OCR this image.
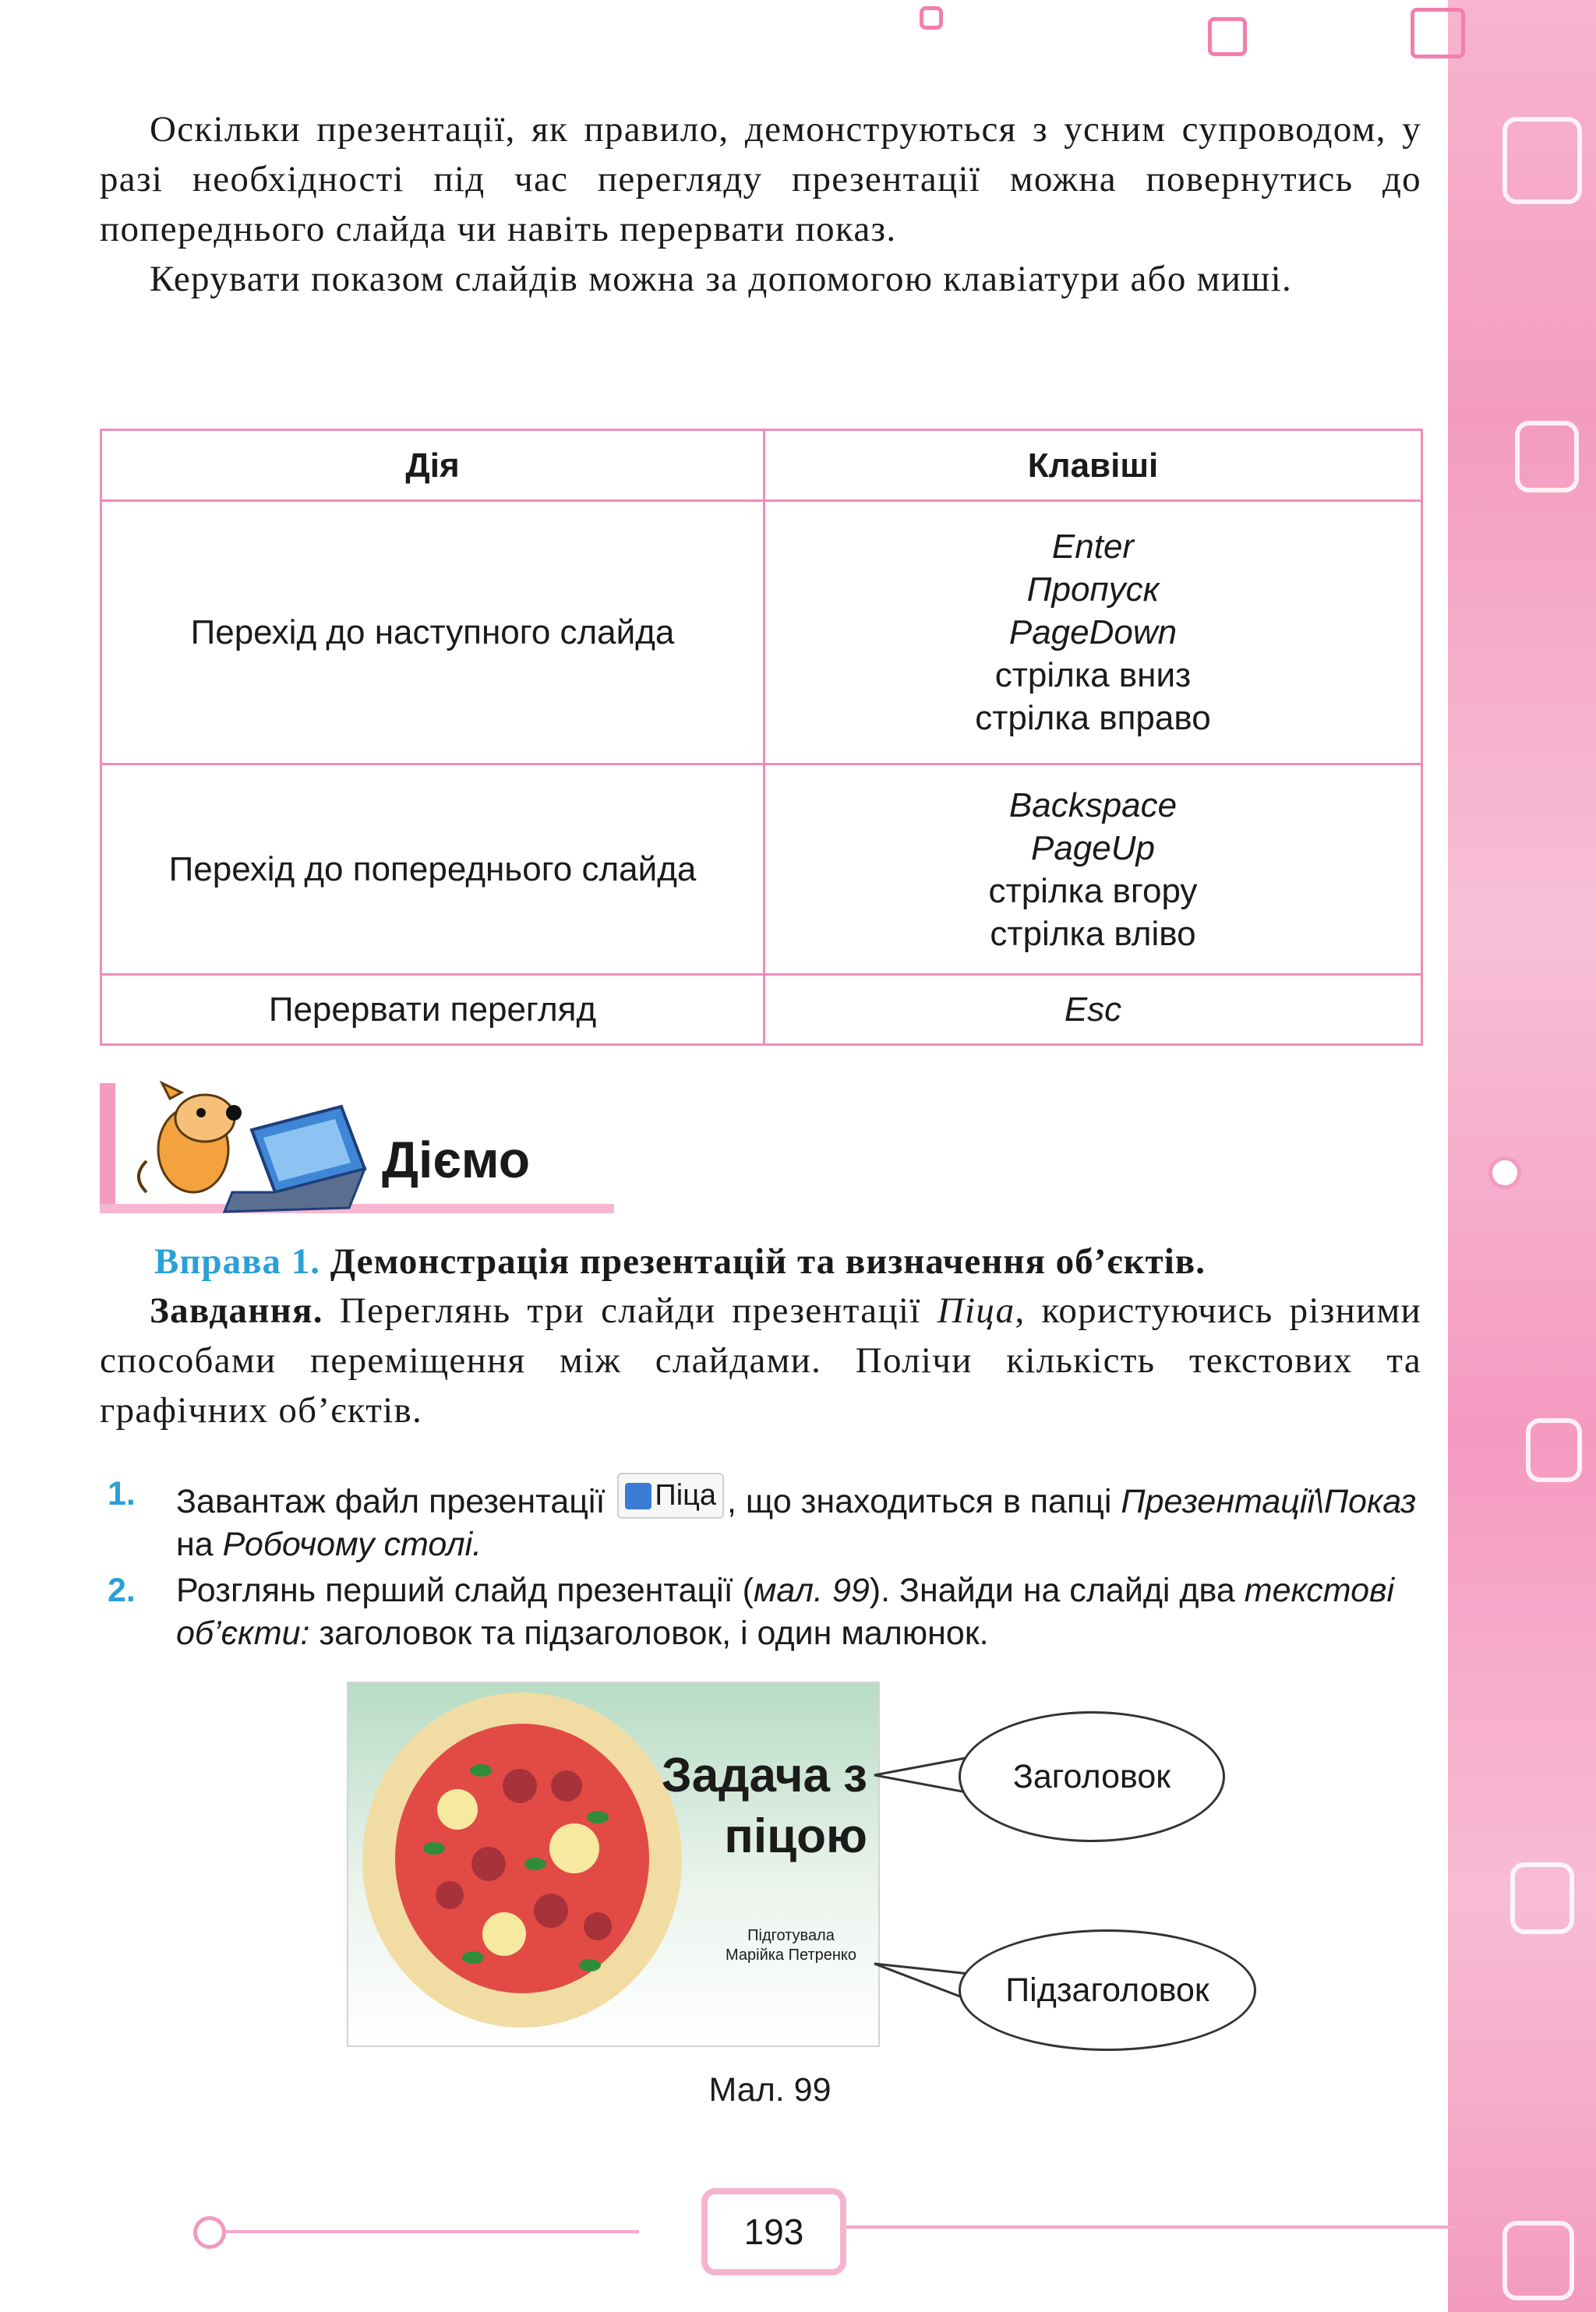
Оскільки презентації, як правило, демонструються з усним супроводом, у разі необхідності під час перегляду презентації можна повернутись до попереднього слайда чи навіть перервати показ.
Керувати показом слайдів можна за допомогою клавіатури або миші.
Дія	Клавіші
Перехід до наступного слайда	Enter
Пропуск
PageDown
стрілка вниз
стрілка вправо

Перехід до попереднього слайда	Backspace
PageUp
стрілка вгору
стрілка вліво

Перервати перегляд	Esc
Діємо
Вправа 1. Демонстрація презентацій та визначення об’єктів.
Завдання. Переглянь три слайди презентації Піца, користуючись різними способами переміщення між слайдами. Полічи кількість текстових та графічних об’єктів.
1. Завантаж файл презентації Піца , що знаходиться в папці Презентації\Показ на Робочому столі.
2. Розглянь перший слайд презентації (мал. 99). Знайди на слайді два текстові об’єкти: заголовок та підзаголовок, і один малюнок.
Задача з
піцою
Підготувала
Марійка Петренко
Заголовок
Підзаголовок
Мал. 99
193
